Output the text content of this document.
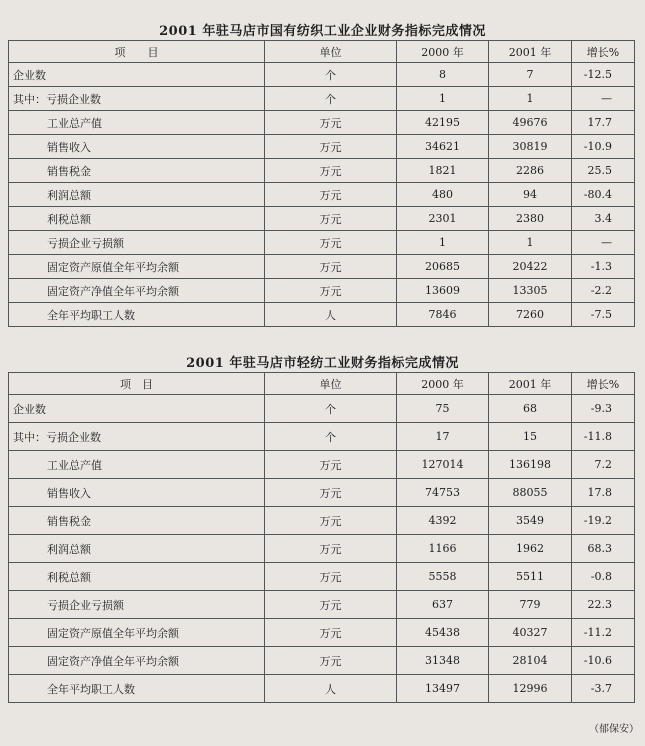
2001 年驻马店市国有纺织工业企业财务指标完成情况
项　　目	单位	2000 年	2001 年	增长%
企业数	个	8	7	-12.5
其中：亏损企业数	个	1	1	—
工业总产值	万元	42195	49676	17.7
销售收入	万元	34621	30819	-10.9
销售税金	万元	1821	2286	25.5
利润总额	万元	480	94	-80.4
利税总额	万元	2301	2380	3.4
亏损企业亏损额	万元	1	1	—
固定资产原值全年平均余额	万元	20685	20422	-1.3
固定资产净值全年平均余额	万元	13609	13305	-2.2
全年平均职工人数	人	7846	7260	-7.5
2001 年驻马店市轻纺工业财务指标完成情况
项　目	单位	2000 年	2001 年	增长%
企业数	个	75	68	-9.3
其中：亏损企业数	个	17	15	-11.8
工业总产值	万元	127014	136198	7.2
销售收入	万元	74753	88055	17.8
销售税金	万元	4392	3549	-19.2
利润总额	万元	1166	1962	68.3
利税总额	万元	5558	5511	-0.8
亏损企业亏损额	万元	637	779	22.3
固定资产原值全年平均余额	万元	45438	40327	-11.2
固定资产净值全年平均余额	万元	31348	28104	-10.6
全年平均职工人数	人	13497	12996	-3.7
（郁保安）
